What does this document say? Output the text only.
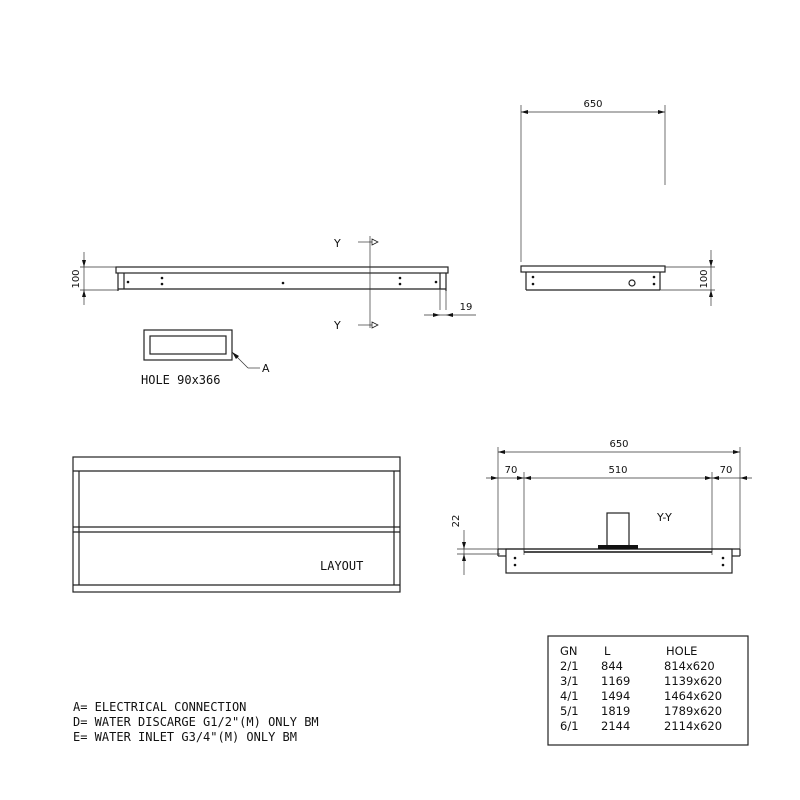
100
Y
Y
19
HOLE 90x366
A
650
100
LAYOUT
650
70	510	70
22	Y-Y
A= ELECTRICAL CONNECTION
D= WATER DISCARGE G1/2"(M) ONLY BM
E= WATER INLET G3/4"(M) ONLY BM
GN L	HOLE
2/1 844	814x620
3/1 1169	1139x620
4/1 1494	1464x620
5/1 1819	1789x620
6/1 2144	2114x620
